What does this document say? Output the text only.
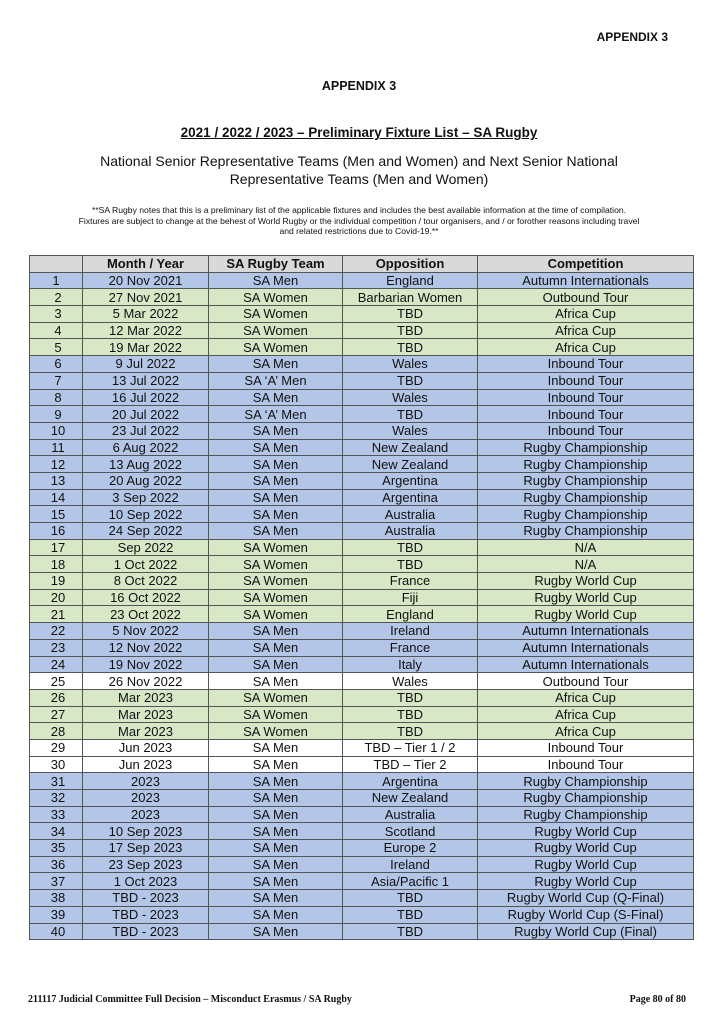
APPENDIX 3
APPENDIX 3
2021 / 2022 / 2023 – Preliminary Fixture List – SA Rugby
National Senior Representative Teams (Men and Women) and Next Senior National
Representative Teams (Men and Women)
**SA Rugby notes that this is a preliminary list of the applicable fixtures and includes the best available information at the time of compilation.
Fixtures are subject to change at the behest of World Rugby or the individual competition / tour organisers, and / or forother reasons including travel
and related restrictions due to Covid-19.**
	Month / Year	SA Rugby Team	Opposition	Competition
1	20 Nov 2021	SA Men	England	Autumn Internationals
2	27 Nov 2021	SA Women	Barbarian Women	Outbound Tour
3	5 Mar 2022	SA Women	TBD	Africa Cup
4	12 Mar 2022	SA Women	TBD	Africa Cup
5	19 Mar 2022	SA Women	TBD	Africa Cup
6	9 Jul 2022	SA Men	Wales	Inbound Tour
7	13 Jul 2022	SA ‘A’ Men	TBD	Inbound Tour
8	16 Jul 2022	SA Men	Wales	Inbound Tour
9	20 Jul 2022	SA ‘A’ Men	TBD	Inbound Tour
10	23 Jul 2022	SA Men	Wales	Inbound Tour
11	6 Aug 2022	SA Men	New Zealand	Rugby Championship
12	13 Aug 2022	SA Men	New Zealand	Rugby Championship
13	20 Aug 2022	SA Men	Argentina	Rugby Championship
14	3 Sep 2022	SA Men	Argentina	Rugby Championship
15	10 Sep 2022	SA Men	Australia	Rugby Championship
16	24 Sep 2022	SA Men	Australia	Rugby Championship
17	Sep 2022	SA Women	TBD	N/A
18	1 Oct 2022	SA Women	TBD	N/A
19	8 Oct 2022	SA Women	France	Rugby World Cup
20	16 Oct 2022	SA Women	Fiji	Rugby World Cup
21	23 Oct 2022	SA Women	England	Rugby World Cup
22	5 Nov 2022	SA Men	Ireland	Autumn Internationals
23	12 Nov 2022	SA Men	France	Autumn Internationals
24	19 Nov 2022	SA Men	Italy	Autumn Internationals
25	26 Nov 2022	SA Men	Wales	Outbound Tour
26	Mar 2023	SA Women	TBD	Africa Cup
27	Mar 2023	SA Women	TBD	Africa Cup
28	Mar 2023	SA Women	TBD	Africa Cup
29	Jun 2023	SA Men	TBD – Tier 1 / 2	Inbound Tour
30	Jun 2023	SA Men	TBD – Tier 2	Inbound Tour
31	2023	SA Men	Argentina	Rugby Championship
32	2023	SA Men	New Zealand	Rugby Championship
33	2023	SA Men	Australia	Rugby Championship
34	10 Sep 2023	SA Men	Scotland	Rugby World Cup
35	17 Sep 2023	SA Men	Europe 2	Rugby World Cup
36	23 Sep 2023	SA Men	Ireland	Rugby World Cup
37	1 Oct 2023	SA Men	Asia/Pacific 1	Rugby World Cup
38	TBD - 2023	SA Men	TBD	Rugby World Cup (Q-Final)
39	TBD - 2023	SA Men	TBD	Rugby World Cup (S-Final)
40	TBD - 2023	SA Men	TBD	Rugby World Cup (Final)
211117 Judicial Committee Full Decision – Misconduct Erasmus / SA Rugby	Page 80 of 80
